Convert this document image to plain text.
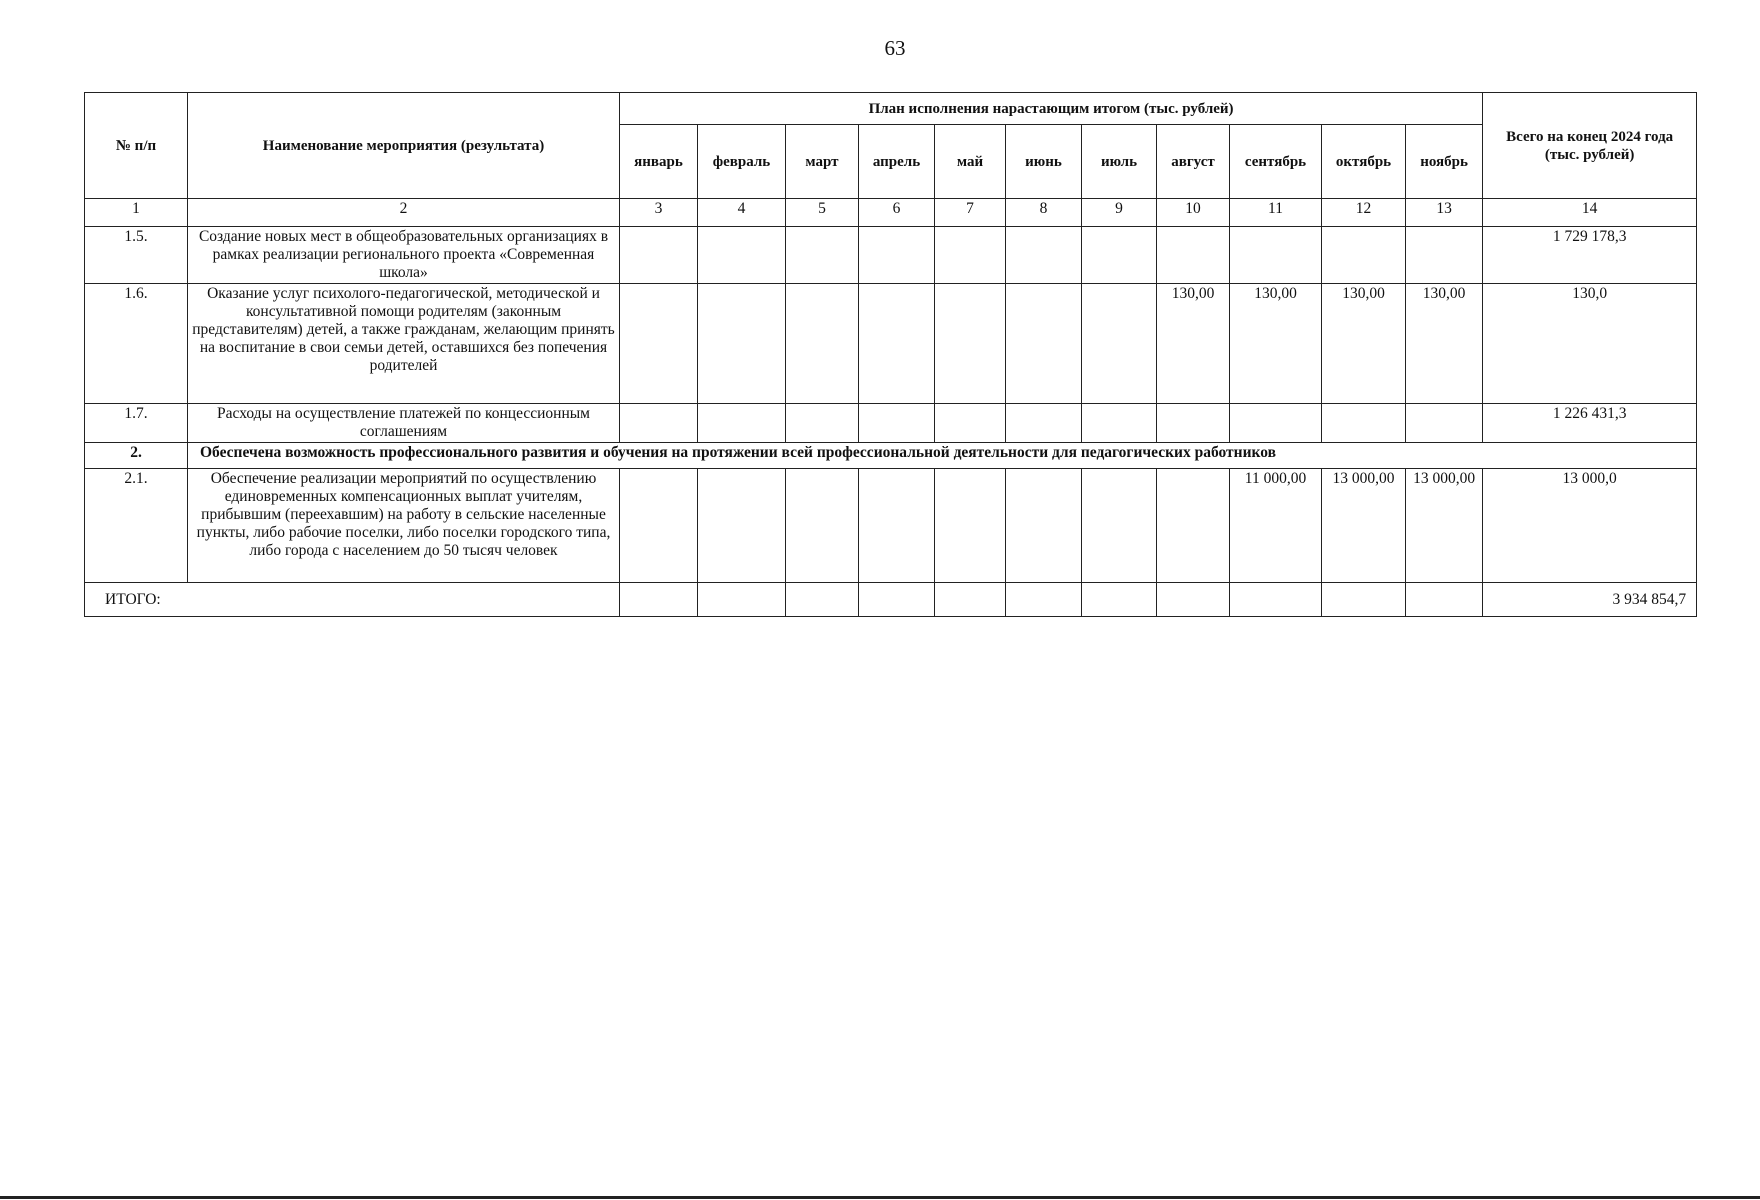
63
№ п/п	Наименование мероприятия (результата)	План исполнения нарастающим итогом (тыс. рублей)											Всего на конец 2024 года (тыс. рублей)
		январь	февраль	март	апрель	май	июнь	июль	август	сентябрь	октябрь	ноябрь	
1	2	3	4	5	6	7	8	9	10	11	12	13	14
1.5.	Создание новых мест в общеобразовательных организациях в рамках реализации регионального проекта «Современная школа»												1 729 178,3
1.6.	Оказание услуг психолого-педагогической, методической и консультативной помощи родителям (законным представителям) детей, а также гражданам, желающим принять на воспитание в свои семьи детей, оставшихся без попечения родителей								130,00	130,00	130,00	130,00	130,0
1.7.	Расходы на осуществление платежей по концессионным соглашениям												1 226 431,3
2.	Обеспечена возможность профессионального развития и обучения на протяжении всей профессиональной деятельности для педагогических работников												
2.1.	Обеспечение реализации мероприятий по осуществлению единовременных компенсационных выплат учителям, прибывшим (переехавшим) на работу в сельские населенные пункты, либо рабочие поселки, либо поселки городского типа, либо города с населением до 50 тысяч человек									11 000,00	13 000,00	13 000,00	13 000,0
ИТОГО:													3 934 854,7
